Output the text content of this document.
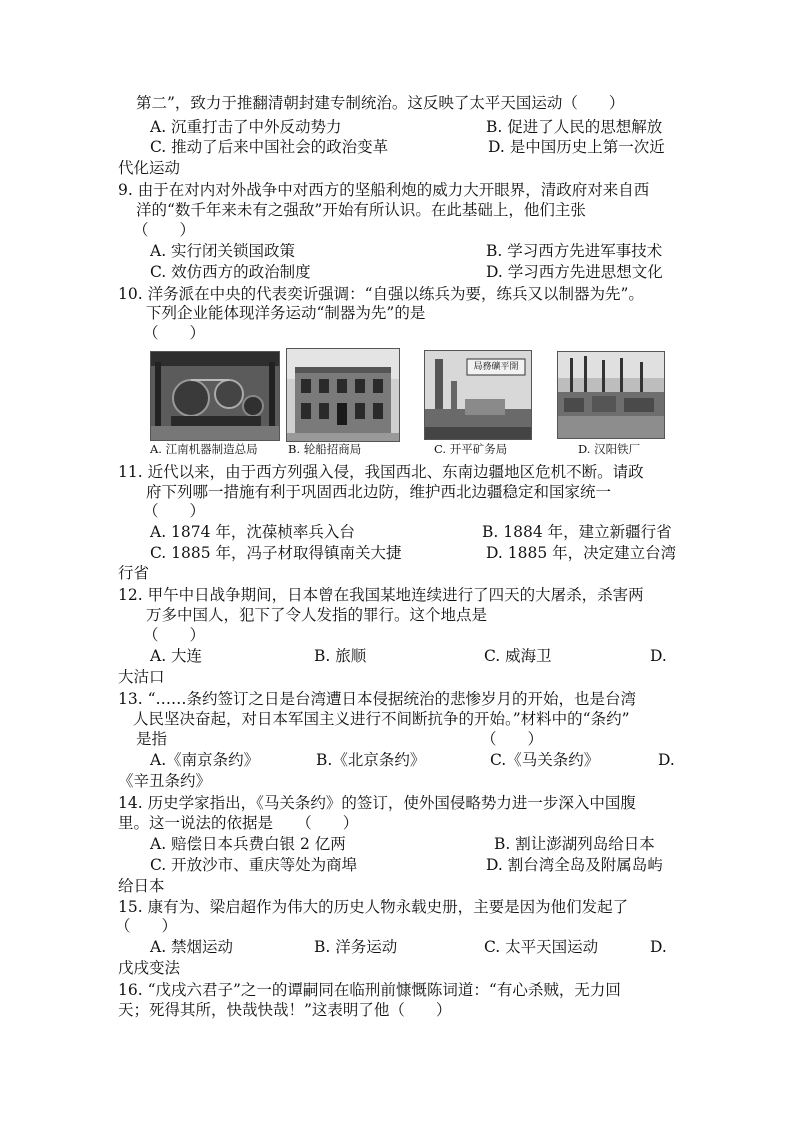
第二”，致力于推翻清朝封建专制统治。这反映了太平天国运动（　　）
A. 沉重打击了中外反动势力	B. 促进了人民的思想解放
C. 推动了后来中国社会的政治变革	D. 是中国历史上第一次近
代化运动
9. 由于在对内对外战争中对西方的坚船利炮的威力大开眼界，清政府对来自西
洋的“数千年来未有之强敌”开始有所认识。在此基础上，他们主张
（　　）
A. 实行闭关锁国政策	B. 学习西方先进军事技术
C. 效仿西方的政治制度	D. 学习西方先进思想文化
10. 洋务派在中央的代表奕䜣强调：“自强以练兵为要，练兵又以制器为先”。
下列企业能体现洋务运动“制器为先”的是
（　　）
11. 近代以来，由于西方列强入侵，我国西北、东南边疆地区危机不断。请政
府下列哪一措施有利于巩固西北边防，维护西北边疆稳定和国家统一
（　　）
A. 1874 年，沈葆桢率兵入台	B. 1884 年，建立新疆行省
C. 1885 年，冯子材取得镇南关大捷	D. 1885 年，决定建立台湾
行省
12. 甲午中日战争期间，日本曾在我国某地连续进行了四天的大屠杀，杀害两
万多中国人，犯下了令人发指的罪行。这个地点是
（　　）
A. 大连	B. 旅顺	C. 威海卫	D.
大沽口
13. “……条约签订之日是台湾遭日本侵据统治的悲惨岁月的开始，也是台湾
人民坚决奋起，对日本军国主义进行不间断抗争的开始。”材料中的“条约”
是指	（　　）
A.《南京条约》	B.《北京条约》	C.《马关条约》	D.
《辛丑条约》
14. 历史学家指出，《马关条约》的签订，使外国侵略势力进一步深入中国腹
里。这一说法的依据是　　（　　）
A. 赔偿日本兵费白银 2 亿两	B. 割让澎湖列岛给日本
C. 开放沙市、重庆等处为商埠	D. 割台湾全岛及附属岛屿
给日本
15. 康有为、梁启超作为伟大的历史人物永载史册，主要是因为他们发起了
（　　）
A. 禁烟运动	B. 洋务运动	C. 太平天国运动	D.
戊戌变法
16. “戊戌六君子”之一的谭嗣同在临刑前慷慨陈词道：“有心杀贼，无力回
天；死得其所，快哉快哉！”这表明了他（　　）
A. 江南机器制造总局	B. 轮船招商局
局務礦平開
C. 开平矿务局	D. 汉阳铁厂
